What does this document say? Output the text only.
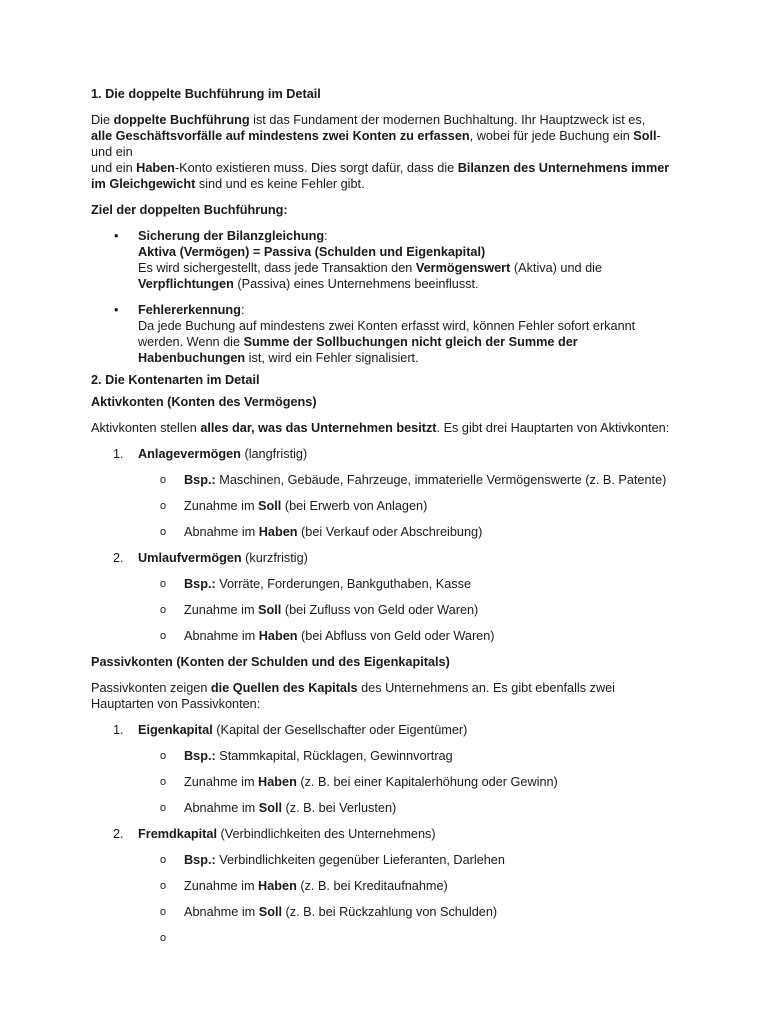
1. Die doppelte Buchführung im Detail

Die doppelte Buchführung ist das Fundament der modernen Buchhaltung. Ihr Hauptzweck ist es,
alle Geschäftsvorfälle auf mindestens zwei Konten zu erfassen, wobei für jede Buchung ein Soll- und ein
und ein Haben-Konto existieren muss. Dies sorgt dafür, dass die Bilanzen des Unternehmens immer im Gleichgewicht sind und es keine Fehler gibt.

Ziel der doppelten Buchführung:

• Sicherung der Bilanzgleichung:

Aktiva (Vermögen) = Passiva (Schulden und Eigenkapital)

Es wird sichergestellt, dass jede Transaktion den Vermögenswert (Aktiva) und die
Verpflichtungen (Passiva) eines Unternehmens beeinflusst.

• Fehlererkennung:

Da jede Buchung auf mindestens zwei Konten erfasst wird, können Fehler sofort erkannt werden. Wenn die Summe der Sollbuchungen nicht gleich der Summe der Habenbuchungen ist, wird ein Fehler signalisiert.

2. Die Kontenarten im Detail

Aktivkonten (Konten des Vermögens)

Aktivkonten stellen alles dar, was das Unternehmen besitzt. Es gibt drei Hauptarten von Aktivkonten:

1. Anlagevermögen (langfristig)

o Bsp.: Maschinen, Gebäude, Fahrzeuge, immaterielle Vermögenswerte (z. B. Patente)
o Zunahme im Soll (bei Erwerb von Anlagen)
o Abnahme im Haben (bei Verkauf oder Abschreibung)
2. Umlaufvermögen (kurzfristig)

o Bsp.: Vorräte, Forderungen, Bankguthaben, Kasse
o Zunahme im Soll (bei Zufluss von Geld oder Waren)
o Abnahme im Haben (bei Abfluss von Geld oder Waren)

Passivkonten (Konten der Schulden und des Eigenkapitals)

Passivkonten zeigen die Quellen des Kapitals des Unternehmens an. Es gibt ebenfalls zwei Hauptarten von Passivkonten:

1. Eigenkapital (Kapital der Gesellschafter oder Eigentümer)

o Bsp.: Stammkapital, Rücklagen, Gewinnvortrag
o Zunahme im Haben (z. B. bei einer Kapitalerhöhung oder Gewinn)
o Abnahme im Soll (z. B. bei Verlusten)
2. Fremdkapital (Verbindlichkeiten des Unternehmens)

o Bsp.: Verbindlichkeiten gegenüber Lieferanten, Darlehen
o Zunahme im Haben (z. B. bei Kreditaufnahme)
o Abnahme im Soll (z. B. bei Rückzahlung von Schulden)
o
